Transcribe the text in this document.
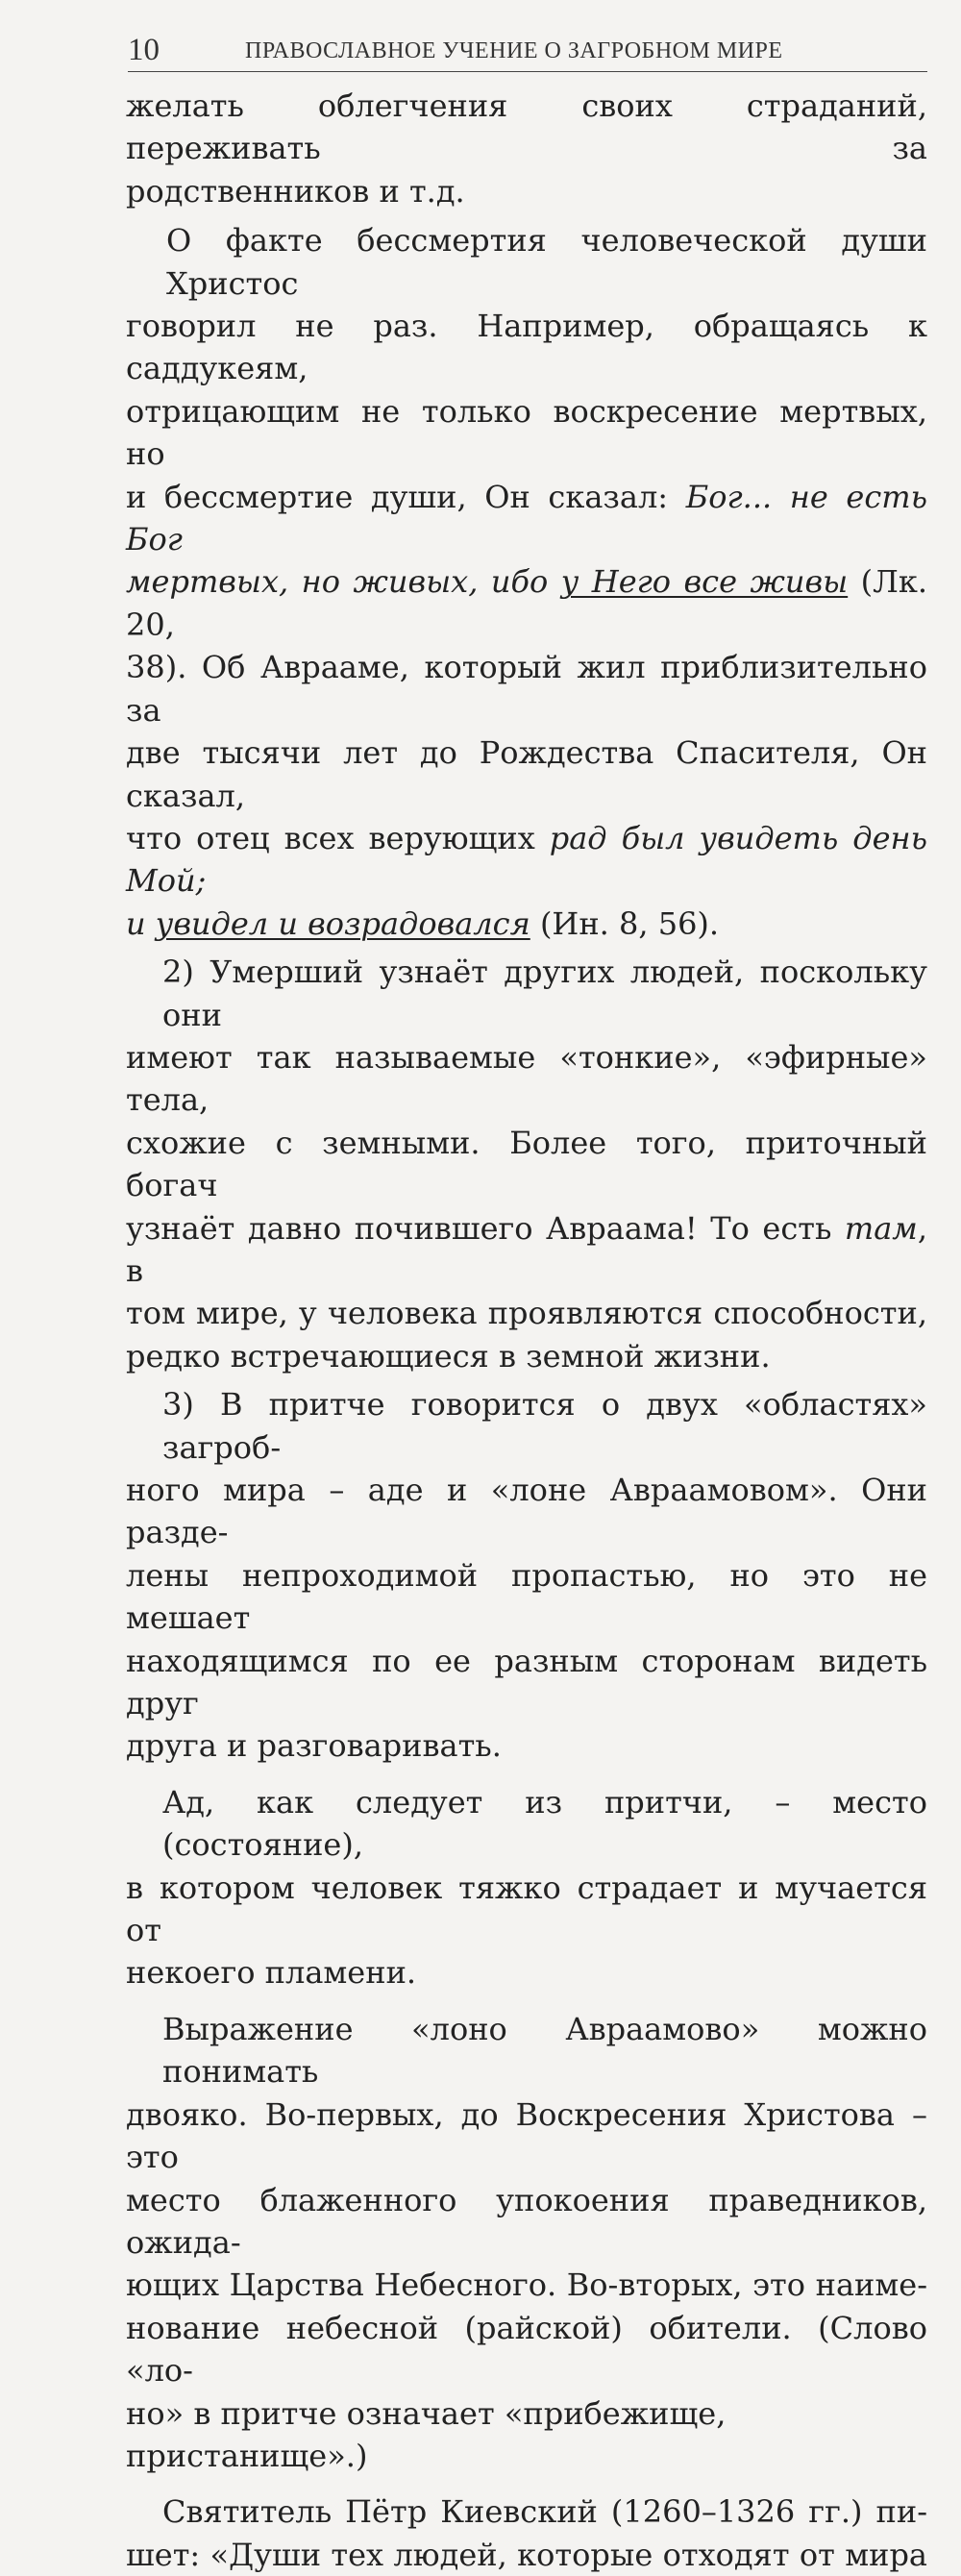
10	ПРАВОСЛАВНОЕ УЧЕНИЕ О ЗАГРОБНОМ МИРЕ

желать облегчения своих страданий, переживать за
родственников и т.д.

О факте бессмертия человеческой души Христос
говорил не раз. Например, обращаясь к саддукеям,
отрицающим не только воскресение мертвых, но
и бессмертие души, Он сказал: Бог... не есть Бог
мертвых, но живых, ибо у Него все живы (Лк. 20,
38). Об Аврааме, который жил приблизительно за
две тысячи лет до Рождества Спасителя, Он сказал,
что отец всех верующих рад был увидеть день Мой;
и увидел и возрадовался (Ин. 8, 56).

2) Умерший узнаёт других людей, поскольку они
имеют так называемые «тонкие», «эфирные» тела,
схожие с земными. Более того, приточный богач
узнаёт давно почившего Авраама! То есть там, в
том мире, у человека проявляются способности,
редко встречающиеся в земной жизни.

3) В притче говорится о двух «областях» загроб-
ного мира – аде и «лоне Авраамовом». Они разде-
лены непроходимой пропастью, но это не мешает
находящимся по ее разным сторонам видеть друг
друга и разговаривать.

Ад, как следует из притчи, – место (состояние),
в котором человек тяжко страдает и мучается от
некоего пламени.

Выражение «лоно Авраамово» можно понимать
двояко. Во-первых, до Воскресения Христова – это
место блаженного упокоения праведников, ожида-
ющих Царства Небесного. Во-вторых, это наиме-
нование небесной (райской) обители. (Слово «ло-
но» в притче означает «прибежище, пристанище».)

Святитель Пётр Киевский (1260–1326 гг.) пи-
шет: «Души тех людей, которые отходят от мира
